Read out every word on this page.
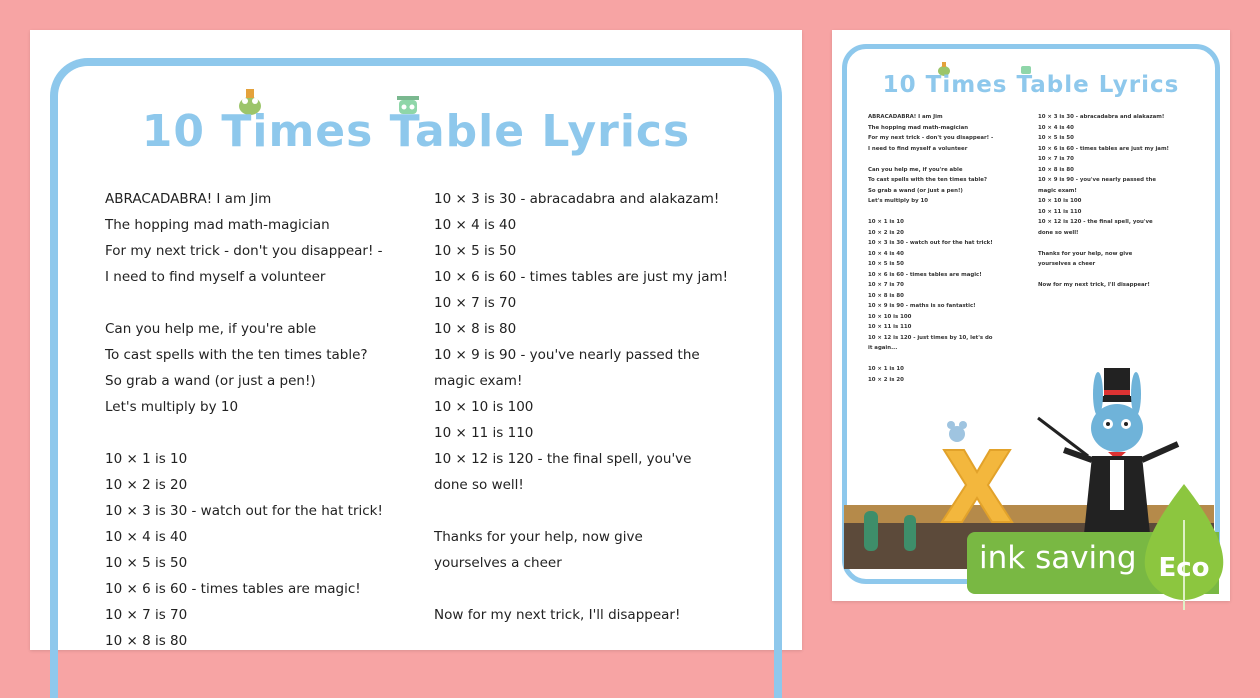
10 Times Table Lyrics
ABRACADABRA! I am Jim
The hopping mad math-magician
For my next trick - don't you disappear! -
I need to find myself a volunteer
Can you help me, if you're able
To cast spells with the ten times table?
So grab a wand (or just a pen!)
Let's multiply by 10
10 × 1 is 10
10 × 2 is 20
10 × 3 is 30 - watch out for the hat trick!
10 × 4 is 40
10 × 5 is 50
10 × 6 is 60 - times tables are magic!
10 × 7 is 70
10 × 8 is 80
10 × 3 is 30 - abracadabra and alakazam!
10 × 4 is 40
10 × 5 is 50
10 × 6 is 60 - times tables are just my jam!
10 × 7 is 70
10 × 8 is 80
10 × 9 is 90 - you've nearly passed the
magic exam!
10 × 10 is 100
10 × 11 is 110
10 × 12 is 120 - the final spell, you've
done so well!
Thanks for your help, now give
yourselves a cheer
Now for my next trick, I'll disappear!
10 Times Table Lyrics
ABRACADABRA! I am Jim
The hopping mad math-magician
For my next trick - don't you disappear! -
I need to find myself a volunteer
Can you help me, if you're able
To cast spells with the ten times table?
So grab a wand (or just a pen!)
Let's multiply by 10
10 × 1 is 10
10 × 2 is 20
10 × 3 is 30 - watch out for the hat trick!
10 × 4 is 40
10 × 5 is 50
10 × 6 is 60 - times tables are magic!
10 × 7 is 70
10 × 8 is 80
10 × 9 is 90 - maths is so fantastic!
10 × 10 is 100
10 × 11 is 110
10 × 12 is 120 - just times by 10, let's do
it again...
10 × 1 is 10
10 × 2 is 20
10 × 3 is 30 - abracadabra and alakazam!
10 × 4 is 40
10 × 5 is 50
10 × 6 is 60 - times tables are just my jam!
10 × 7 is 70
10 × 8 is 80
10 × 9 is 90 - you've nearly passed the
magic exam!
10 × 10 is 100
10 × 11 is 110
10 × 12 is 120 - the final spell, you've
done so well!
Thanks for your help, now give
yourselves a cheer
Now for my next trick, I'll disappear!
ink saving Eco
